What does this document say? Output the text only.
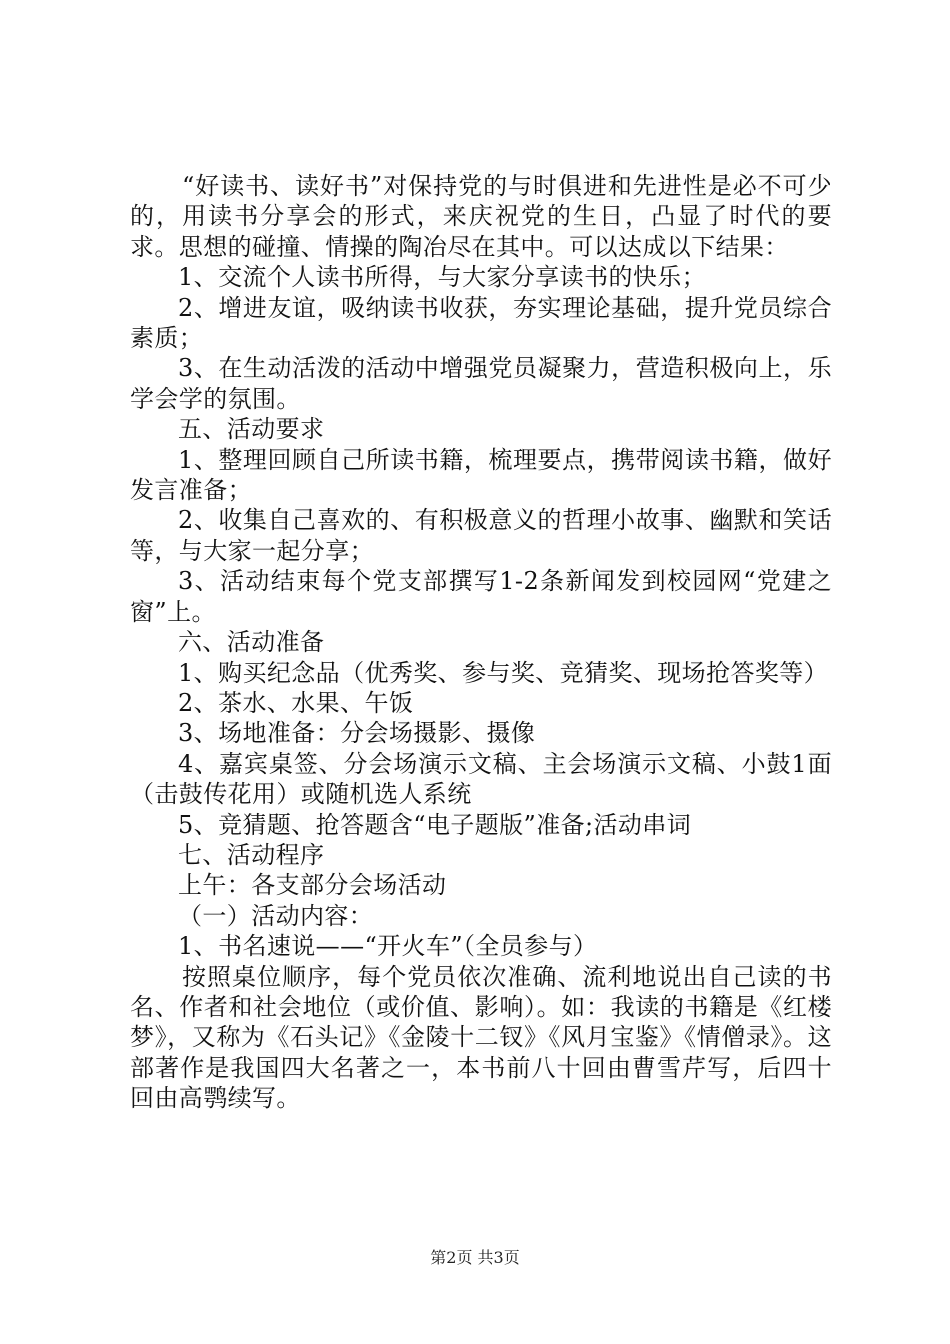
“好读书、读好书”对保持党的与时俱进和先进性是必不可少的，用读书分享会的形式，来庆祝党的生日，凸显了时代的要求。思想的碰撞、情操的陶冶尽在其中。可以达成以下结果：

1、交流个人读书所得，与大家分享读书的快乐；

2、增进友谊，吸纳读书收获，夯实理论基础，提升党员综合素质；

3、在生动活泼的活动中增强党员凝聚力，营造积极向上，乐学会学的氛围。

五、活动要求

1、整理回顾自己所读书籍，梳理要点，携带阅读书籍，做好发言准备；

2、收集自己喜欢的、有积极意义的哲理小故事、幽默和笑话等，与大家一起分享；

3、活动结束每个党支部撰写1-2条新闻发到校园网“党建之窗”上。

六、活动准备

1、购买纪念品（优秀奖、参与奖、竞猜奖、现场抢答奖等）

2、茶水、水果、午饭

3、场地准备：分会场摄影、摄像

4、嘉宾桌签、分会场演示文稿、主会场演示文稿、小鼓1面（击鼓传花用）或随机选人系统

5、竞猜题、抢答题含“电子题版”准备;活动串词

七、活动程序

上午：各支部分会场活动

（一）活动内容：

1、书名速说——“开火车”（全员参与）

按照桌位顺序，每个党员依次准确、流利地说出自己读的书名、作者和社会地位（或价值、影响）。如：我读的书籍是《红楼梦》，又称为《石头记》《金陵十二钗》《风月宝鉴》《情僧录》。这部著作是我国四大名著之一，本书前八十回由曹雪芹写，后四十回由高鹗续写。

第2页 共3页
